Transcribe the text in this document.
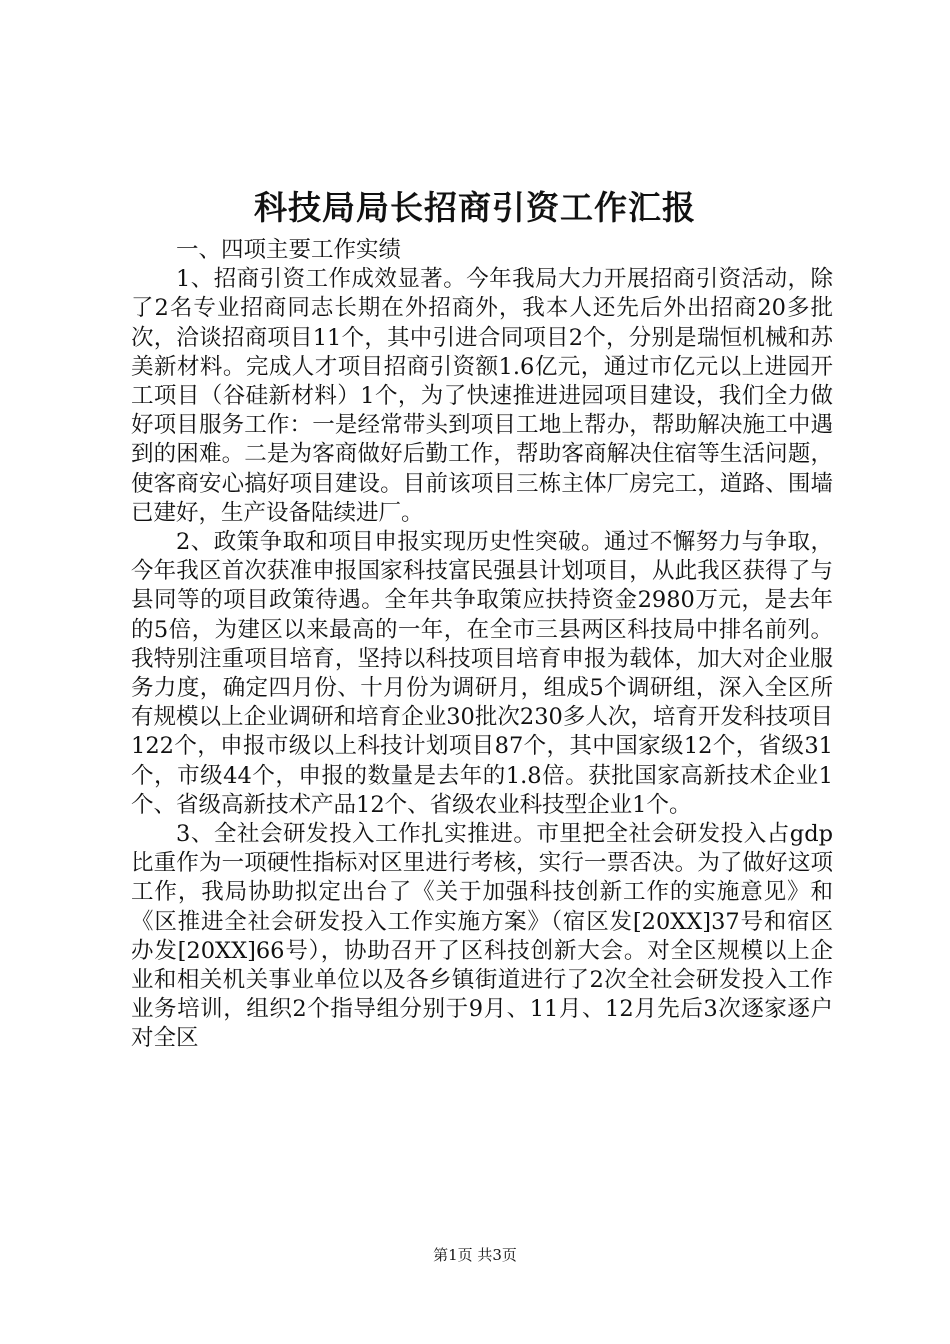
科技局局长招商引资工作汇报

一、四项主要工作实绩

1、招商引资工作成效显著。今年我局大力开展招商引资活动，除了2名专业招商同志长期在外招商外，我本人还先后外出招商20多批次，洽谈招商项目11个，其中引进合同项目2个，分别是瑞恒机械和苏美新材料。完成人才项目招商引资额1.6亿元，通过市亿元以上进园开工项目（谷硅新材料）1个，为了快速推进进园项目建设，我们全力做好项目服务工作：一是经常带头到项目工地上帮办，帮助解决施工中遇到的困难。二是为客商做好后勤工作，帮助客商解决住宿等生活问题，使客商安心搞好项目建设。目前该项目三栋主体厂房完工，道路、围墙已建好，生产设备陆续进厂。

2、政策争取和项目申报实现历史性突破。通过不懈努力与争取，今年我区首次获准申报国家科技富民强县计划项目，从此我区获得了与县同等的项目政策待遇。全年共争取策应扶持资金2980万元，是去年的5倍，为建区以来最高的一年，在全市三县两区科技局中排名前列。我特别注重项目培育，坚持以科技项目培育申报为载体，加大对企业服务力度，确定四月份、十月份为调研月，组成5个调研组，深入全区所有规模以上企业调研和培育企业30批次230多人次，培育开发科技项目122个，申报市级以上科技计划项目87个，其中国家级12个，省级31个，市级44个，申报的数量是去年的1.8倍。获批国家高新技术企业1个、省级高新技术产品12个、省级农业科技型企业1个。

3、全社会研发投入工作扎实推进。市里把全社会研发投入占gdp比重作为一项硬性指标对区里进行考核，实行一票否决。为了做好这项工作，我局协助拟定出台了《关于加强科技创新工作的实施意见》和《区推进全社会研发投入工作实施方案》（宿区发[20XX]37号和宿区办发[20XX]66号），协助召开了区科技创新大会。对全区规模以上企业和相关机关事业单位以及各乡镇街道进行了2次全社会研发投入工作业务培训，组织2个指导组分别于9月、11月、12月先后3次逐家逐户对全区

第1页 共3页
